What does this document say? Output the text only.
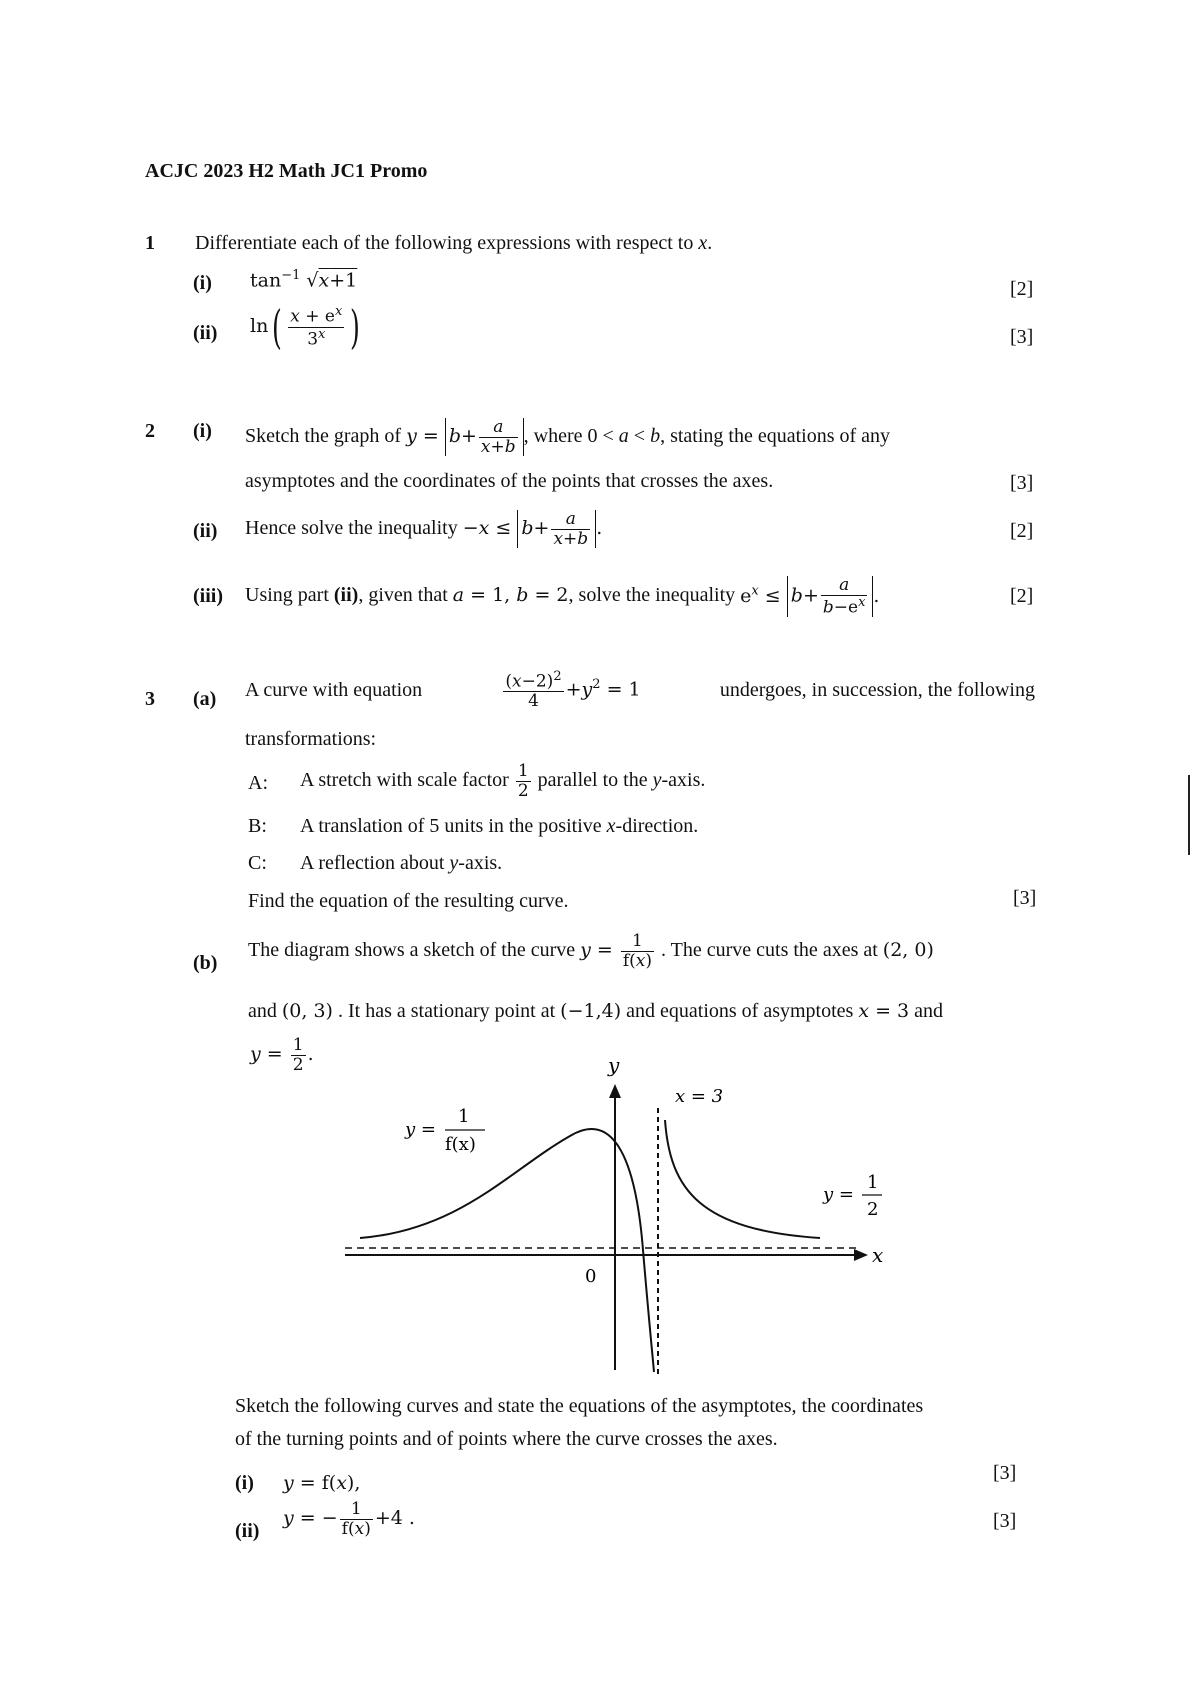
ACJC 2023 H2 Math JC1 Promo
1 Differentiate each of the following expressions with respect to x.
(i) $\tan^{-1} √x+1$	[2]
(ii) $\ln( \frac{x + e^x}{3^x}$ )	[3]
2 (i) Sketch the graph of $y = b+ \frac{a}{x+b}$ , where 0 < a < b, stating the equations of any
asymptotes and the coordinates of the points that crosses the axes.	[3]
(ii) Hence solve the inequality $-x \le b+ \frac{a}{x+b}$ .	[2]
(iii) Using part (ii), given that a = 1, b = 2, solve the inequality $e^x \le b+ \frac{a}{b-e^x}$ .	[2]
3 (a) A curve with equation	$\frac{(x-2)^2}{4} +y^2 = 1$	undergoes, in succession, the following
transformations:
A: A stretch with scale factor $\frac{1}{2}$ parallel to the y-axis.
B: A translation of 5 units in the positive x-direction.
C: A reflection about y-axis.
Find the equation of the resulting curve.	[3]
(b)
The diagram shows a sketch of the curve $y = \frac{1}{f(x)}$ . The curve cuts the axes at (2, 0)
and (0, 3) . It has a stationary point at (−1,4) and equations of asymptotes x = 3 and
$y = \frac{1}{2}$ .	y
x
0
x = 3
y =
1
f(x)
y =
1
2
Sketch the following curves and state the equations of the asymptotes, the coordinates
of the turning points and of points where the curve crosses the axes.
(i) y = f(x),	[3]
(ii)
y = − $\frac{1}{f(x)} +4$ .	[3]
